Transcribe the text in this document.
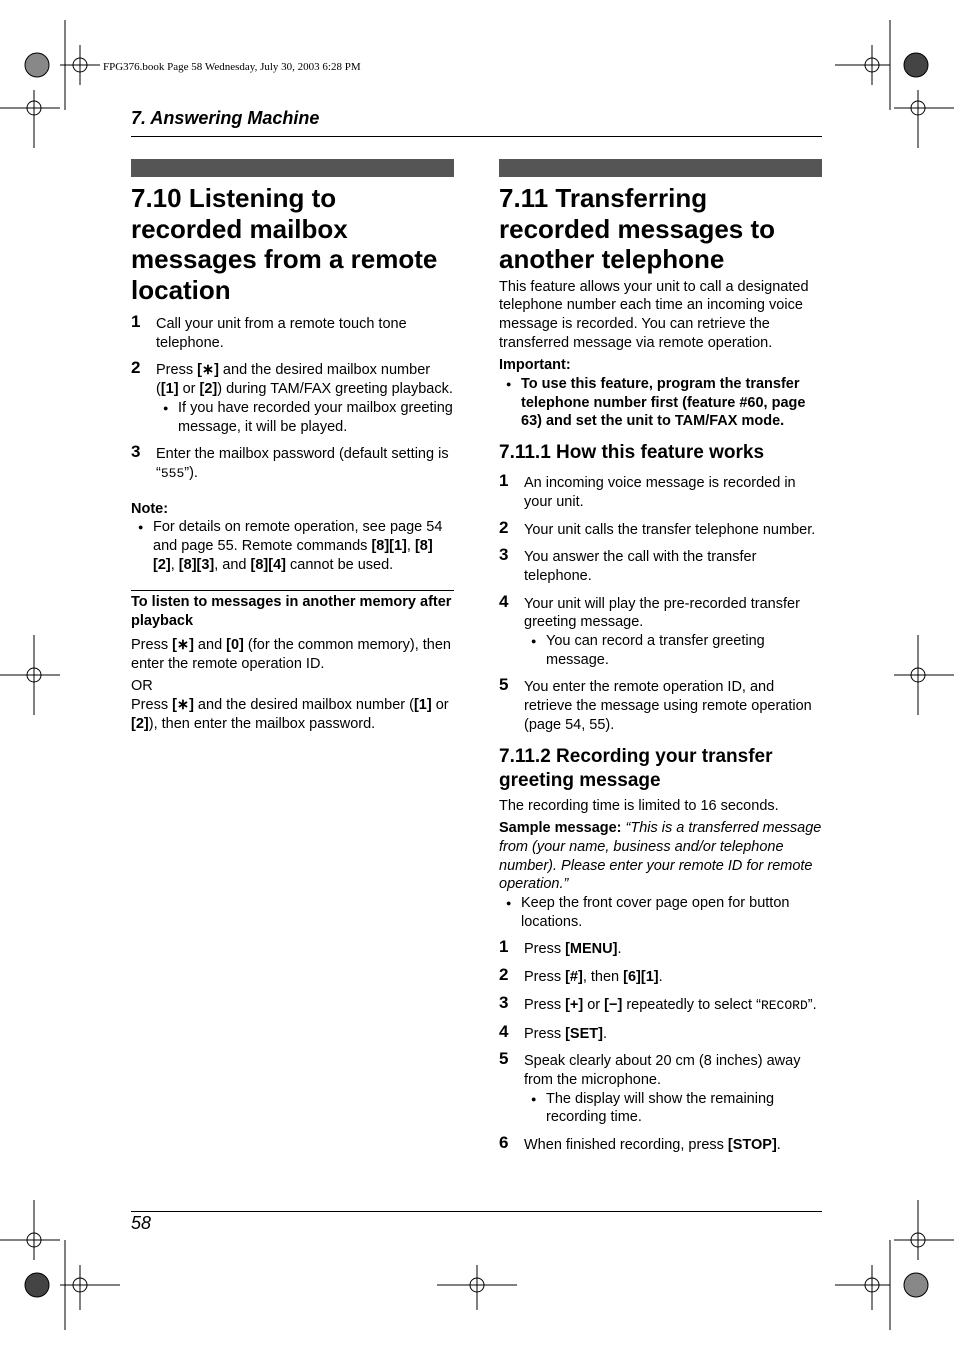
FPG376.book Page 58 Wednesday, July 30, 2003 6:28 PM
7. Answering Machine
7.10 Listening to recorded mailbox messages from a remote location
1 Call your unit from a remote touch tone telephone.
2 Press [∗] and the desired mailbox number ([1] or [2]) during TAM/FAX greeting playback.
● If you have recorded your mailbox greeting message, it will be played.
3 Enter the mailbox password (default setting is “555”).
Note:
● For details on remote operation, see page 54 and page 55. Remote commands [8][1], [8][2], [8][3], and [8][4] cannot be used.

To listen to messages in another memory after playback

Press [∗] and [0] (for the common memory), then enter the remote operation ID.

OR

Press [∗] and the desired mailbox number ([1] or [2]), then enter the mailbox password.

7.11 Transferring recorded messages to another telephone

This feature allows your unit to call a designated telephone number each time an incoming voice message is recorded. You can retrieve the transferred message via remote operation.

Important:

● To use this feature, program the transfer telephone number first (feature #60, page 63) and set the unit to TAM/FAX mode.
7.11.1 How this feature works
1 An incoming voice message is recorded in your unit.
2 Your unit calls the transfer telephone number.
3 You answer the call with the transfer telephone.
4 Your unit will play the pre-recorded transfer greeting message.
● You can record a transfer greeting message.
5 You enter the remote operation ID, and retrieve the message using remote operation (page 54, 55).
7.11.2 Recording your transfer greeting message

The recording time is limited to 16 seconds.

Sample message: “This is a transferred message from (your name, business and/or telephone number). Please enter your remote ID for remote operation.”

● Keep the front cover page open for button locations.
1 Press [MENU].
2 Press [#], then [6][1].
3 Press [+] or [−] repeatedly to select “RECORD”.
4 Press [SET].
5 Speak clearly about 20 cm (8 inches) away from the microphone.
● The display will show the remaining recording time.
6 When finished recording, press [STOP].
58
